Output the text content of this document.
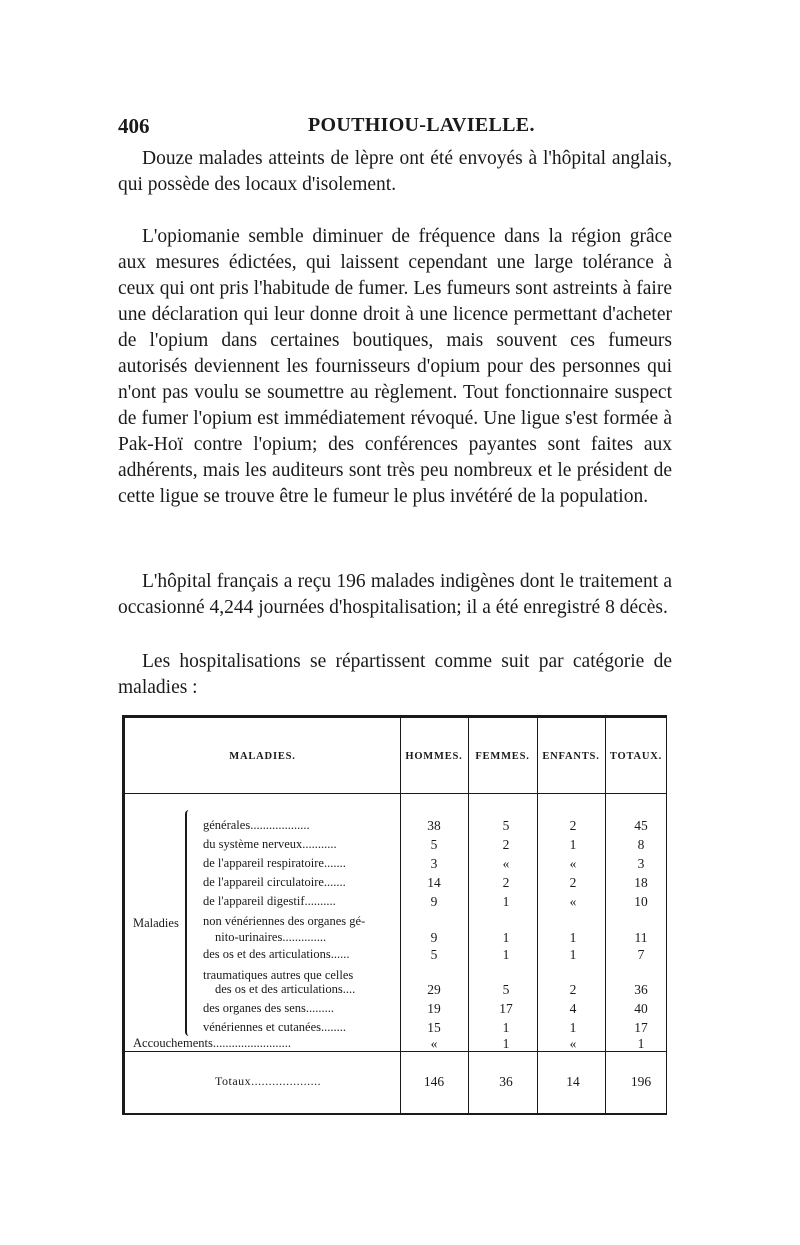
406	POUTHIOU-LAVIELLE.

Douze malades atteints de lèpre ont été envoyés à l'hôpital anglais, qui possède des locaux d'isolement.

L'opiomanie semble diminuer de fréquence dans la région grâce aux mesures édictées, qui laissent cependant une large tolérance à ceux qui ont pris l'habitude de fumer. Les fumeurs sont astreints à faire une déclaration qui leur donne droit à une licence permettant d'acheter de l'opium dans certaines boutiques, mais souvent ces fumeurs autorisés deviennent les fournisseurs d'opium pour des personnes qui n'ont pas voulu se soumettre au règlement. Tout fonctionnaire suspect de fumer l'opium est immédiatement révoqué. Une ligue s'est formée à Pak-Hoï contre l'opium; des conférences payantes sont faites aux adhérents, mais les auditeurs sont très peu nombreux et le président de cette ligue se trouve être le fumeur le plus invétéré de la population.

L'hôpital français a reçu 196 malades indigènes dont le traitement a occasionné 4,244 journées d'hospitalisation; il a été enregistré 8 décès.

Les hospitalisations se répartissent comme suit par catégorie de maladies :

MALADIES.	HOMMES.	FEMMES.	ENFANTS. TOTAUX.
Maladies
générales...................	38	5	2	45
du système nerveux...........	5	2	1	8
de l'appareil respiratoire.......	3	«	«	3
de l'appareil circulatoire.......	14	2	2	18
de l'appareil digestif..........	9	1	«	10
non vénériennes des organes gé-
nito-urinaires..............	9	1	1	11
des os et des articulations......	5	1	1	7
traumatiques autres que celles
des os et des articulations....	29	5	2	36
des organes des sens.........	19	17	4	40
vénériennes et cutanées........	15	1	1	17
Accouchements.........................	«	1	«	1
Totaux....................	146	36	14	196
